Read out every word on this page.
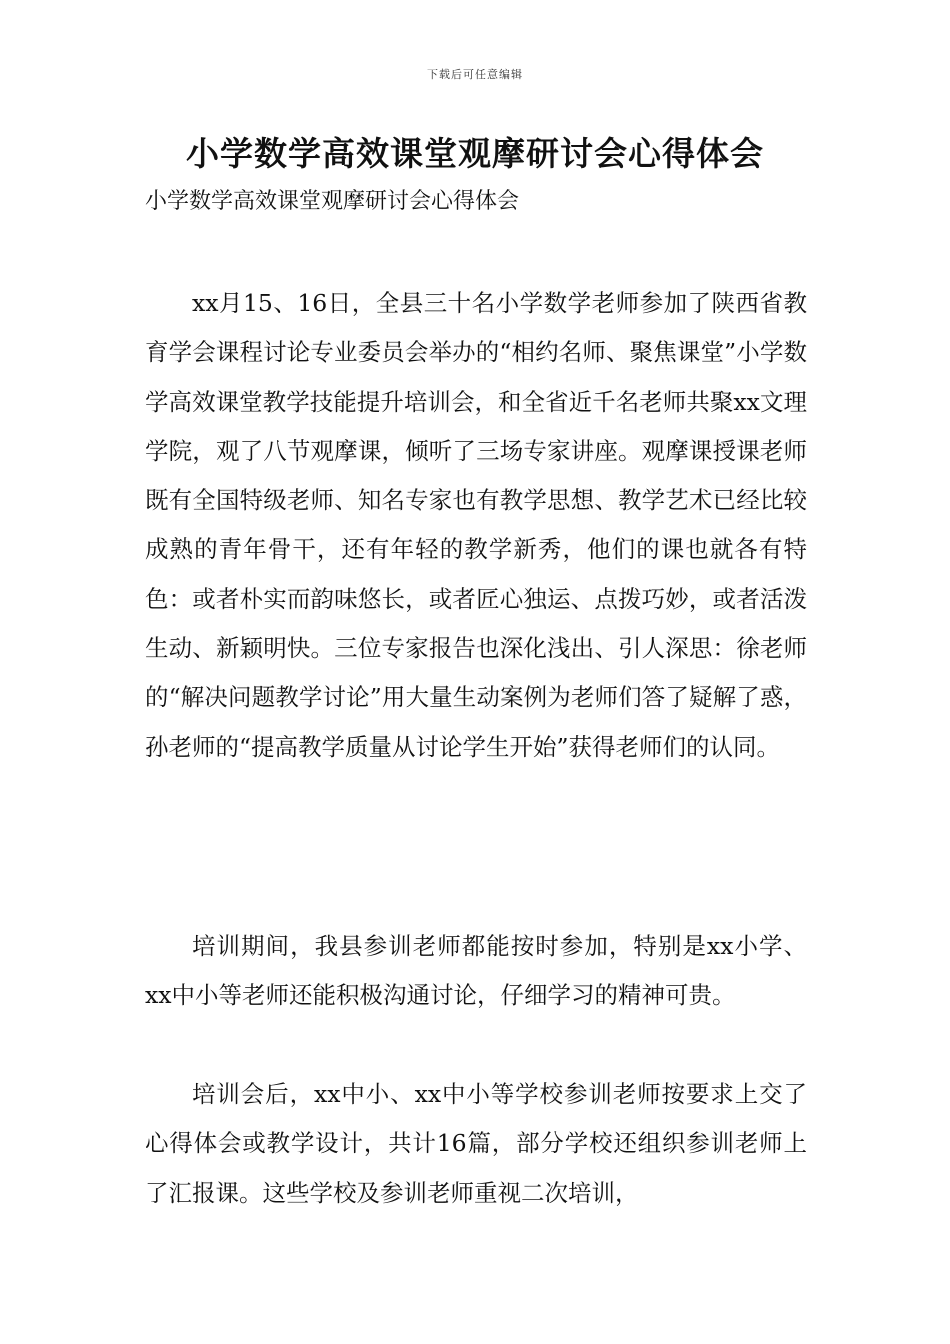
下载后可任意编辑
小学数学高效课堂观摩研讨会心得体会
小学数学高效课堂观摩研讨会心得体会

xx月15、16日，全县三十名小学数学老师参加了陕西省教育学会课程讨论专业委员会举办的“相约名师、聚焦课堂”小学数学高效课堂教学技能提升培训会，和全省近千名老师共聚xx文理学院，观了八节观摩课，倾听了三场专家讲座。观摩课授课老师既有全国特级老师、知名专家也有教学思想、教学艺术已经比较成熟的青年骨干，还有年轻的教学新秀，他们的课也就各有特色：或者朴实而韵味悠长，或者匠心独运、点拨巧妙，或者活泼生动、新颖明快。三位专家报告也深化浅出、引人深思：徐老师的“解决问题教学讨论”用大量生动案例为老师们答了疑解了惑，孙老师的“提高教学质量从讨论学生开始”获得老师们的认同。

培训期间，我县参训老师都能按时参加，特别是xx小学、xx中小等老师还能积极沟通讨论，仔细学习的精神可贵。

培训会后，xx中小、xx中小等学校参训老师按要求上交了心得体会或教学设计，共计16篇，部分学校还组织参训老师上了汇报课。这些学校及参训老师重视二次培训，
